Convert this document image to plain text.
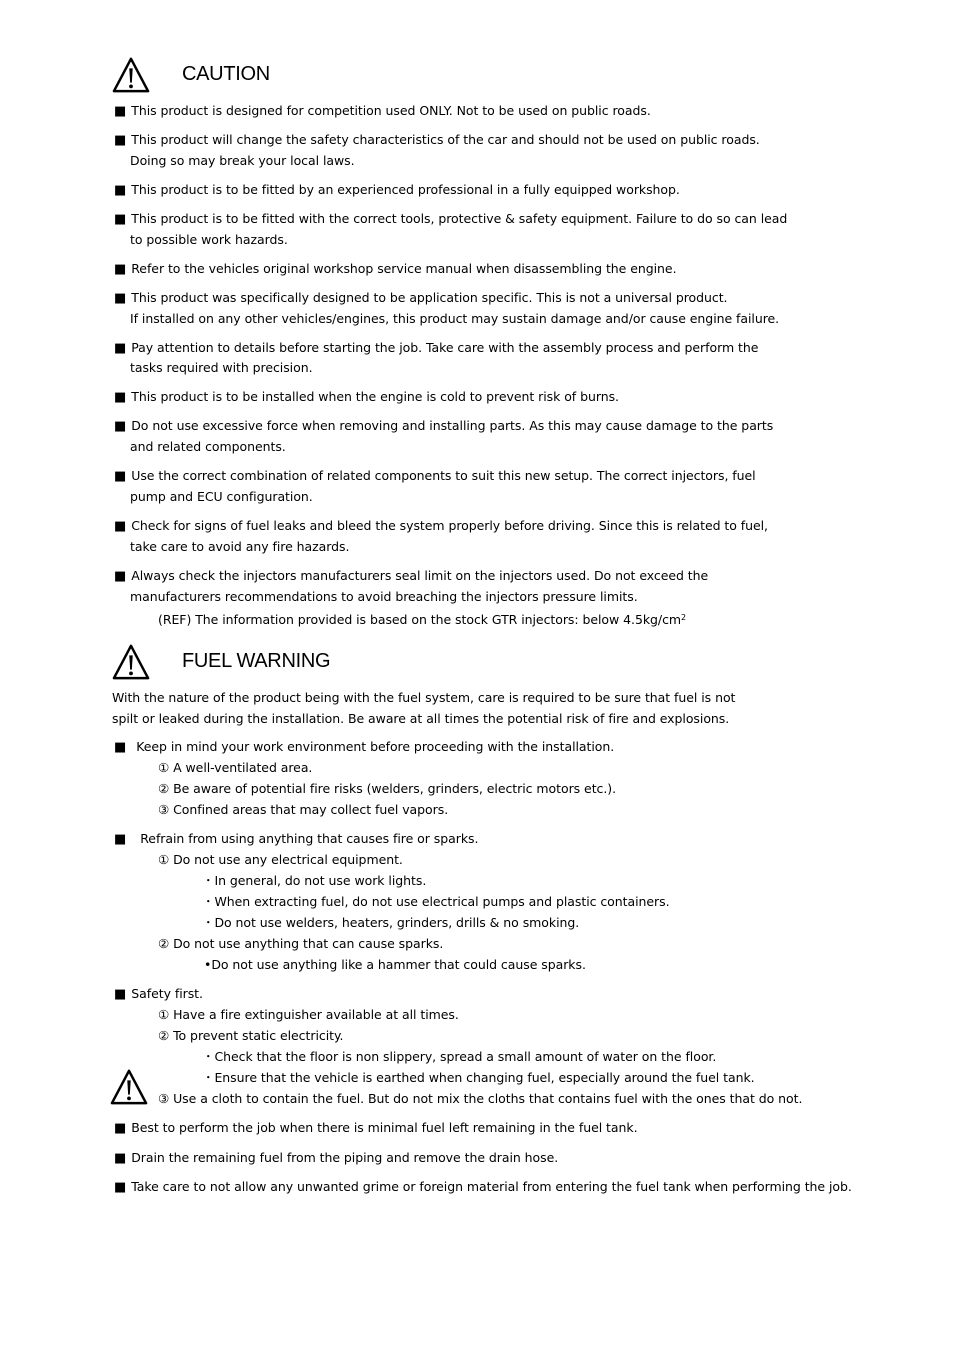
CAUTION
■ This product is designed for competition used ONLY. Not to be used on public roads.
■ This product will change the safety characteristics of the car and should not be used on public roads.
Doing so may break your local laws.
■ This product is to be fitted by an experienced professional in a fully equipped workshop.
■ This product is to be fitted with the correct tools, protective & safety equipment. Failure to do so can lead
to possible work hazards.
■ Refer to the vehicles original workshop service manual when disassembling the engine.
■ This product was specifically designed to be application specific. This is not a universal product.
If installed on any other vehicles/engines, this product may sustain damage and/or cause engine failure.
■ Pay attention to details before starting the job. Take care with the assembly process and perform the
tasks required with precision.
■ This product is to be installed when the engine is cold to prevent risk of burns.
■ Do not use excessive force when removing and installing parts. As this may cause damage to the parts
and related components.
■ Use the correct combination of related components to suit this new setup. The correct injectors, fuel
pump and ECU configuration.
■ Check for signs of fuel leaks and bleed the system properly before driving. Since this is related to fuel,
take care to avoid any fire hazards.
■ Always check the injectors manufacturers seal limit on the injectors used. Do not exceed the
manufacturers recommendations to avoid breaching the injectors pressure limits.
(REF) The information provided is based on the stock GTR injectors: below $4.5kg/cm^2$
FUEL WARNING
With the nature of the product being with the fuel system, care is required to be sure that fuel is not
spilt or leaked during the installation. Be aware at all times the potential risk of fire and explosions.
■ Keep in mind your work environment before proceeding with the installation.
① A well-ventilated area.
② Be aware of potential fire risks (welders, grinders, electric motors etc.).
③ Confined areas that may collect fuel vapors.
■ Refrain from using anything that causes fire or sparks.
① Do not use any electrical equipment.
・In general, do not use work lights.
・When extracting fuel, do not use electrical pumps and plastic containers.
・Do not use welders, heaters, grinders, drills & no smoking.
② Do not use anything that can cause sparks.
•Do not use anything like a hammer that could cause sparks.
■ Safety first.
① Have a fire extinguisher available at all times.
② To prevent static electricity.
・Check that the floor is non slippery, spread a small amount of water on the floor.
・Ensure that the vehicle is earthed when changing fuel, especially around the fuel tank.
③ Use a cloth to contain the fuel. But do not mix the cloths that contains fuel with the ones that do not.
■ Best to perform the job when there is minimal fuel left remaining in the fuel tank.
■ Drain the remaining fuel from the piping and remove the drain hose.
■ Take care to not allow any unwanted grime or foreign material from entering the fuel tank when performing the job.
